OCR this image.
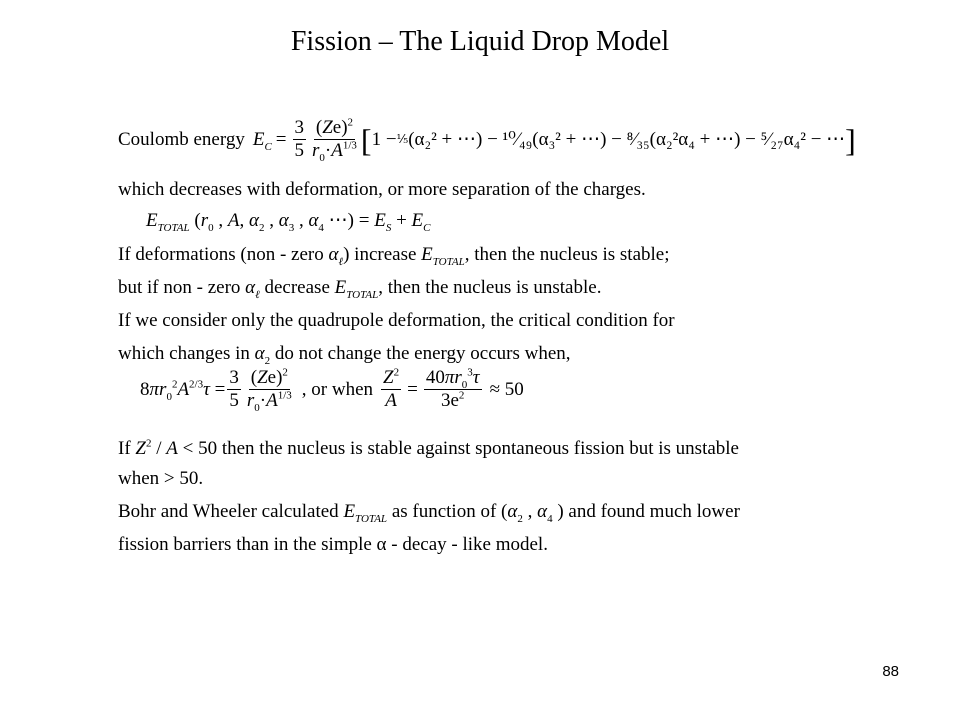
Fission – The Liquid Drop Model
Coulomb energy $E_C = \frac{3}{5} \frac{(Ze)^2}{r_0\cdot A^{1/3}}$ [ 1 − ⅕ (α₂² + ⋯) − ¹⁰⁄₄₉(α₃² + ⋯) − ⁸⁄₃₅(α₂²α₄ + ⋯) − ⁵⁄₂₇α₄² − ⋯ ]
which decreases with deformation, or more separation of the charges.
$E_{TOTAL}$ ($r_0$ , A, $\alpha_2$ , $\alpha_3$ , $\alpha_4$ ⋯) = $E_S + E_C$
If deformations (non - zero $\alpha_\ell$) increase $E_{TOTAL}$, then the nucleus is stable;
but if non - zero $\alpha_\ell$ decrease $E_{TOTAL}$, then the nucleus is unstable.
If we consider only the quadrupole deformation, the critical condition for
which changes in $\alpha_2$ do not change the energy occurs when,
$8\pi r_0^2A^{2/3}\tau = \frac{3}{5} \frac{(Ze)^2}{r_0\cdot A^{1/3}}$ , or when $\frac{Z^2}{A} = \frac{40\pi r_0^3\tau}{3e^2} \approx 50$
If $Z^2 / A < 50$ then the nucleus is stable against spontaneous fission but is unstable
when > 50.
Bohr and Wheeler calculated $E_{TOTAL}$ as function of ($\alpha_2$ , $\alpha_4$ ) and found much lower
fission barriers than in the simple α - decay - like model.
88
